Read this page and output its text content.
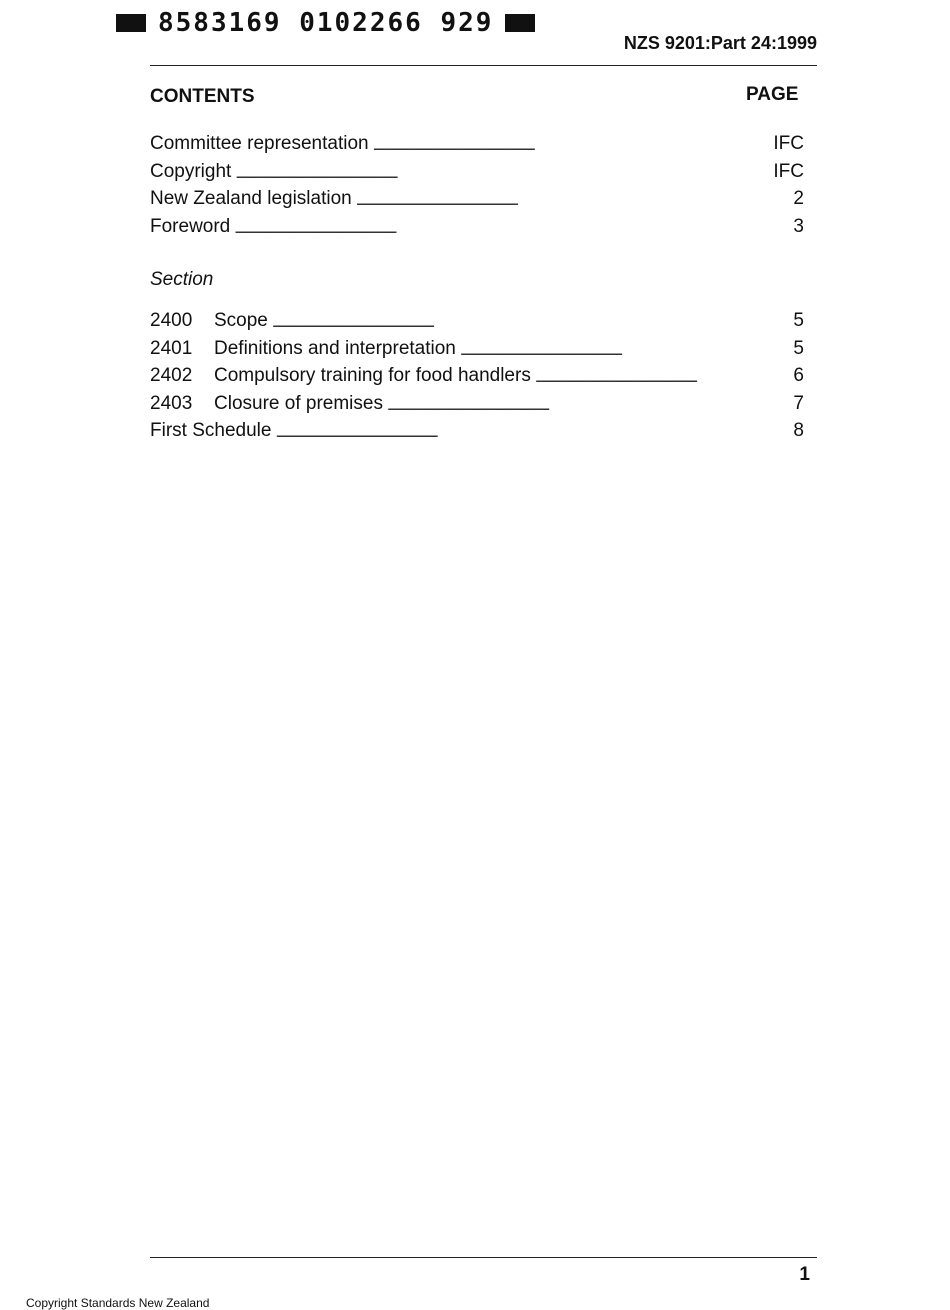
8583169 0102266 929
NZS 9201:Part 24:1999
CONTENTS	PAGE
Committee representation . . .	IFC
Copyright . . .	IFC
New Zealand legislation . . .	2
Foreword . . .	3
Section
2400	Scope . . .	5
2401	Definitions and interpretation . . .	5
2402	Compulsory training for food handlers . . .	6
2403	Closure of premises . . .	7
First Schedule . . .	8
1
Copyright Standards New Zealand
